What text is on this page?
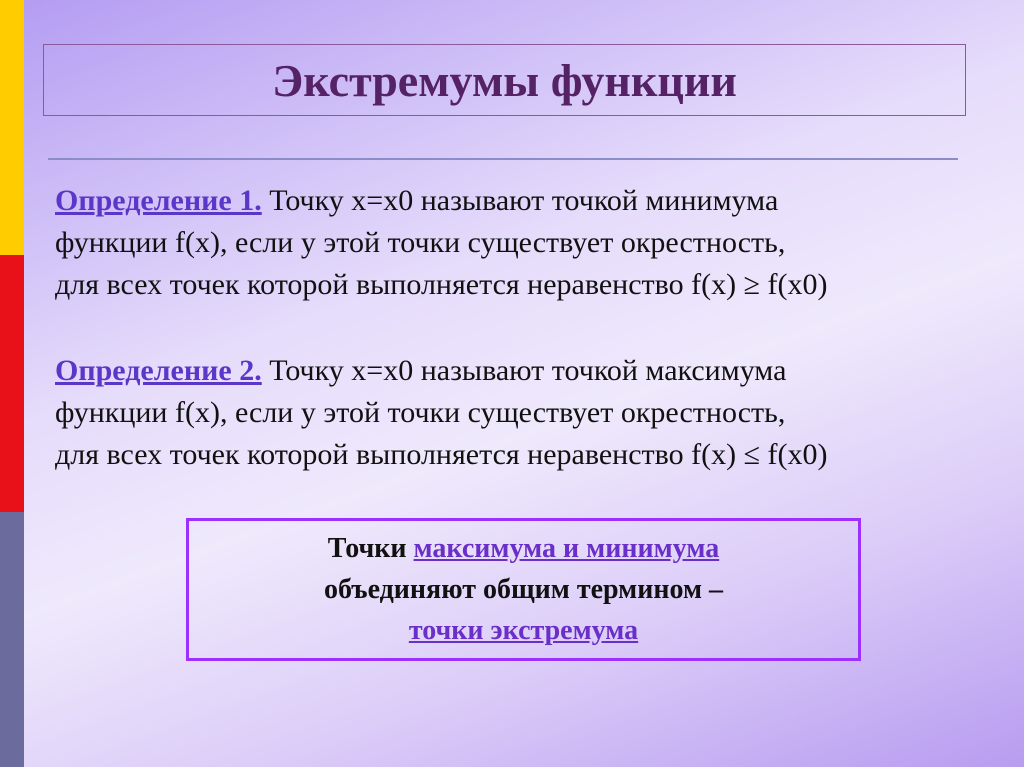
Экстремумы функции
Определение 1. Точку x=x0 называют точкой минимума
функции f(x), если у этой точки существует окрестность,
для всех точек которой выполняется неравенство f(x) ≥ f(x0)
Определение 2. Точку x=x0 называют точкой максимума
функции f(x), если у этой точки существует окрестность,
для всех точек которой выполняется неравенство f(x) ≤ f(x0)
Точки максимума и минимума
объединяют общим термином –
точки экстремума
